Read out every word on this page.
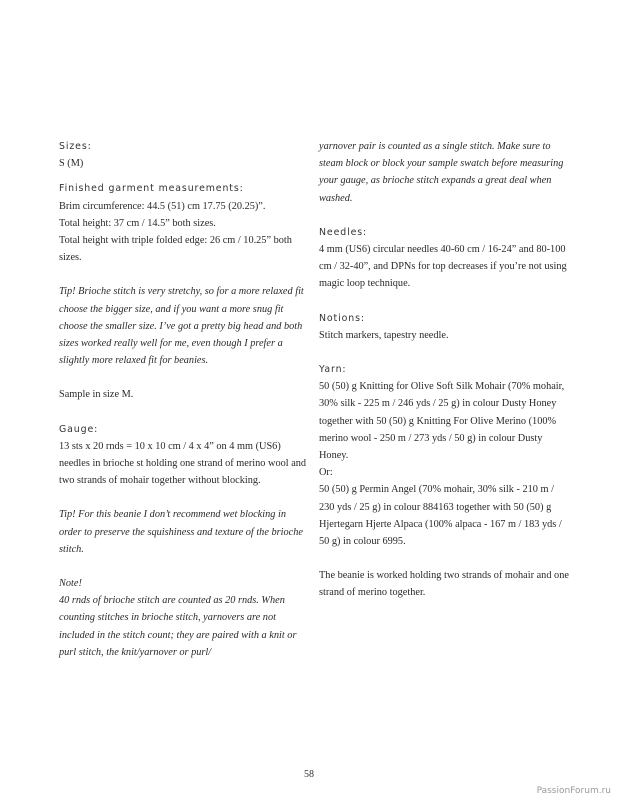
Sizes:

S (M)

Finished garment measurements:

Brim circumference: 44.5 (51) cm 17.75 (20.25)”.

Total height: 37 cm / 14.5” both sizes.

Total height with triple folded edge: 26 cm / 10.25” both sizes.

Tip! Brioche stitch is very stretchy, so for a more relaxed fit choose the bigger size, and if you want a more snug fit choose the smaller size. I’ve got a pretty big head and both sizes worked really well for me, even though I prefer a slightly more relaxed fit for beanies.

Sample in size M.

Gauge:

13 sts x 20 rnds = 10 x 10 cm / 4 x 4” on 4 mm (US6) needles in brioche st holding one strand of merino wool and two strands of mohair together without blocking.

Tip! For this beanie I don’t recommend wet blocking in order to preserve the squishiness and texture of the brioche stitch.

Note!

40 rnds of brioche stitch are counted as 20 rnds. When counting stitches in brioche stitch, yarnovers are not included in the stitch count; they are paired with a knit or purl stitch, the knit/yarnover or purl/

yarnover pair is counted as a single stitch. Make sure to steam block or block your sample swatch before measuring your gauge, as brioche stitch expands a great deal when washed.

Needles:

4 mm (US6) circular needles 40-60 cm / 16-24” and 80-100 cm / 32-40”, and DPNs for top decreases if you’re not using magic loop technique.

Notions:

Stitch markers, tapestry needle.

Yarn:

50 (50) g Knitting for Olive Soft Silk Mohair (70% mohair, 30% silk - 225 m / 246 yds / 25 g) in colour Dusty Honey together with 50 (50) g Knitting For Olive Merino (100% merino wool - 250 m / 273 yds / 50 g) in colour Dusty Honey.

Or:

50 (50) g Permin Angel (70% mohair, 30% silk - 210 m / 230 yds / 25 g) in colour 884163 together with 50 (50) g Hjertegarn Hjerte Alpaca (100% alpaca - 167 m / 183 yds / 50 g) in colour 6995.

The beanie is worked holding two strands of mohair and one strand of merino together.

58
PassionForum.ru
